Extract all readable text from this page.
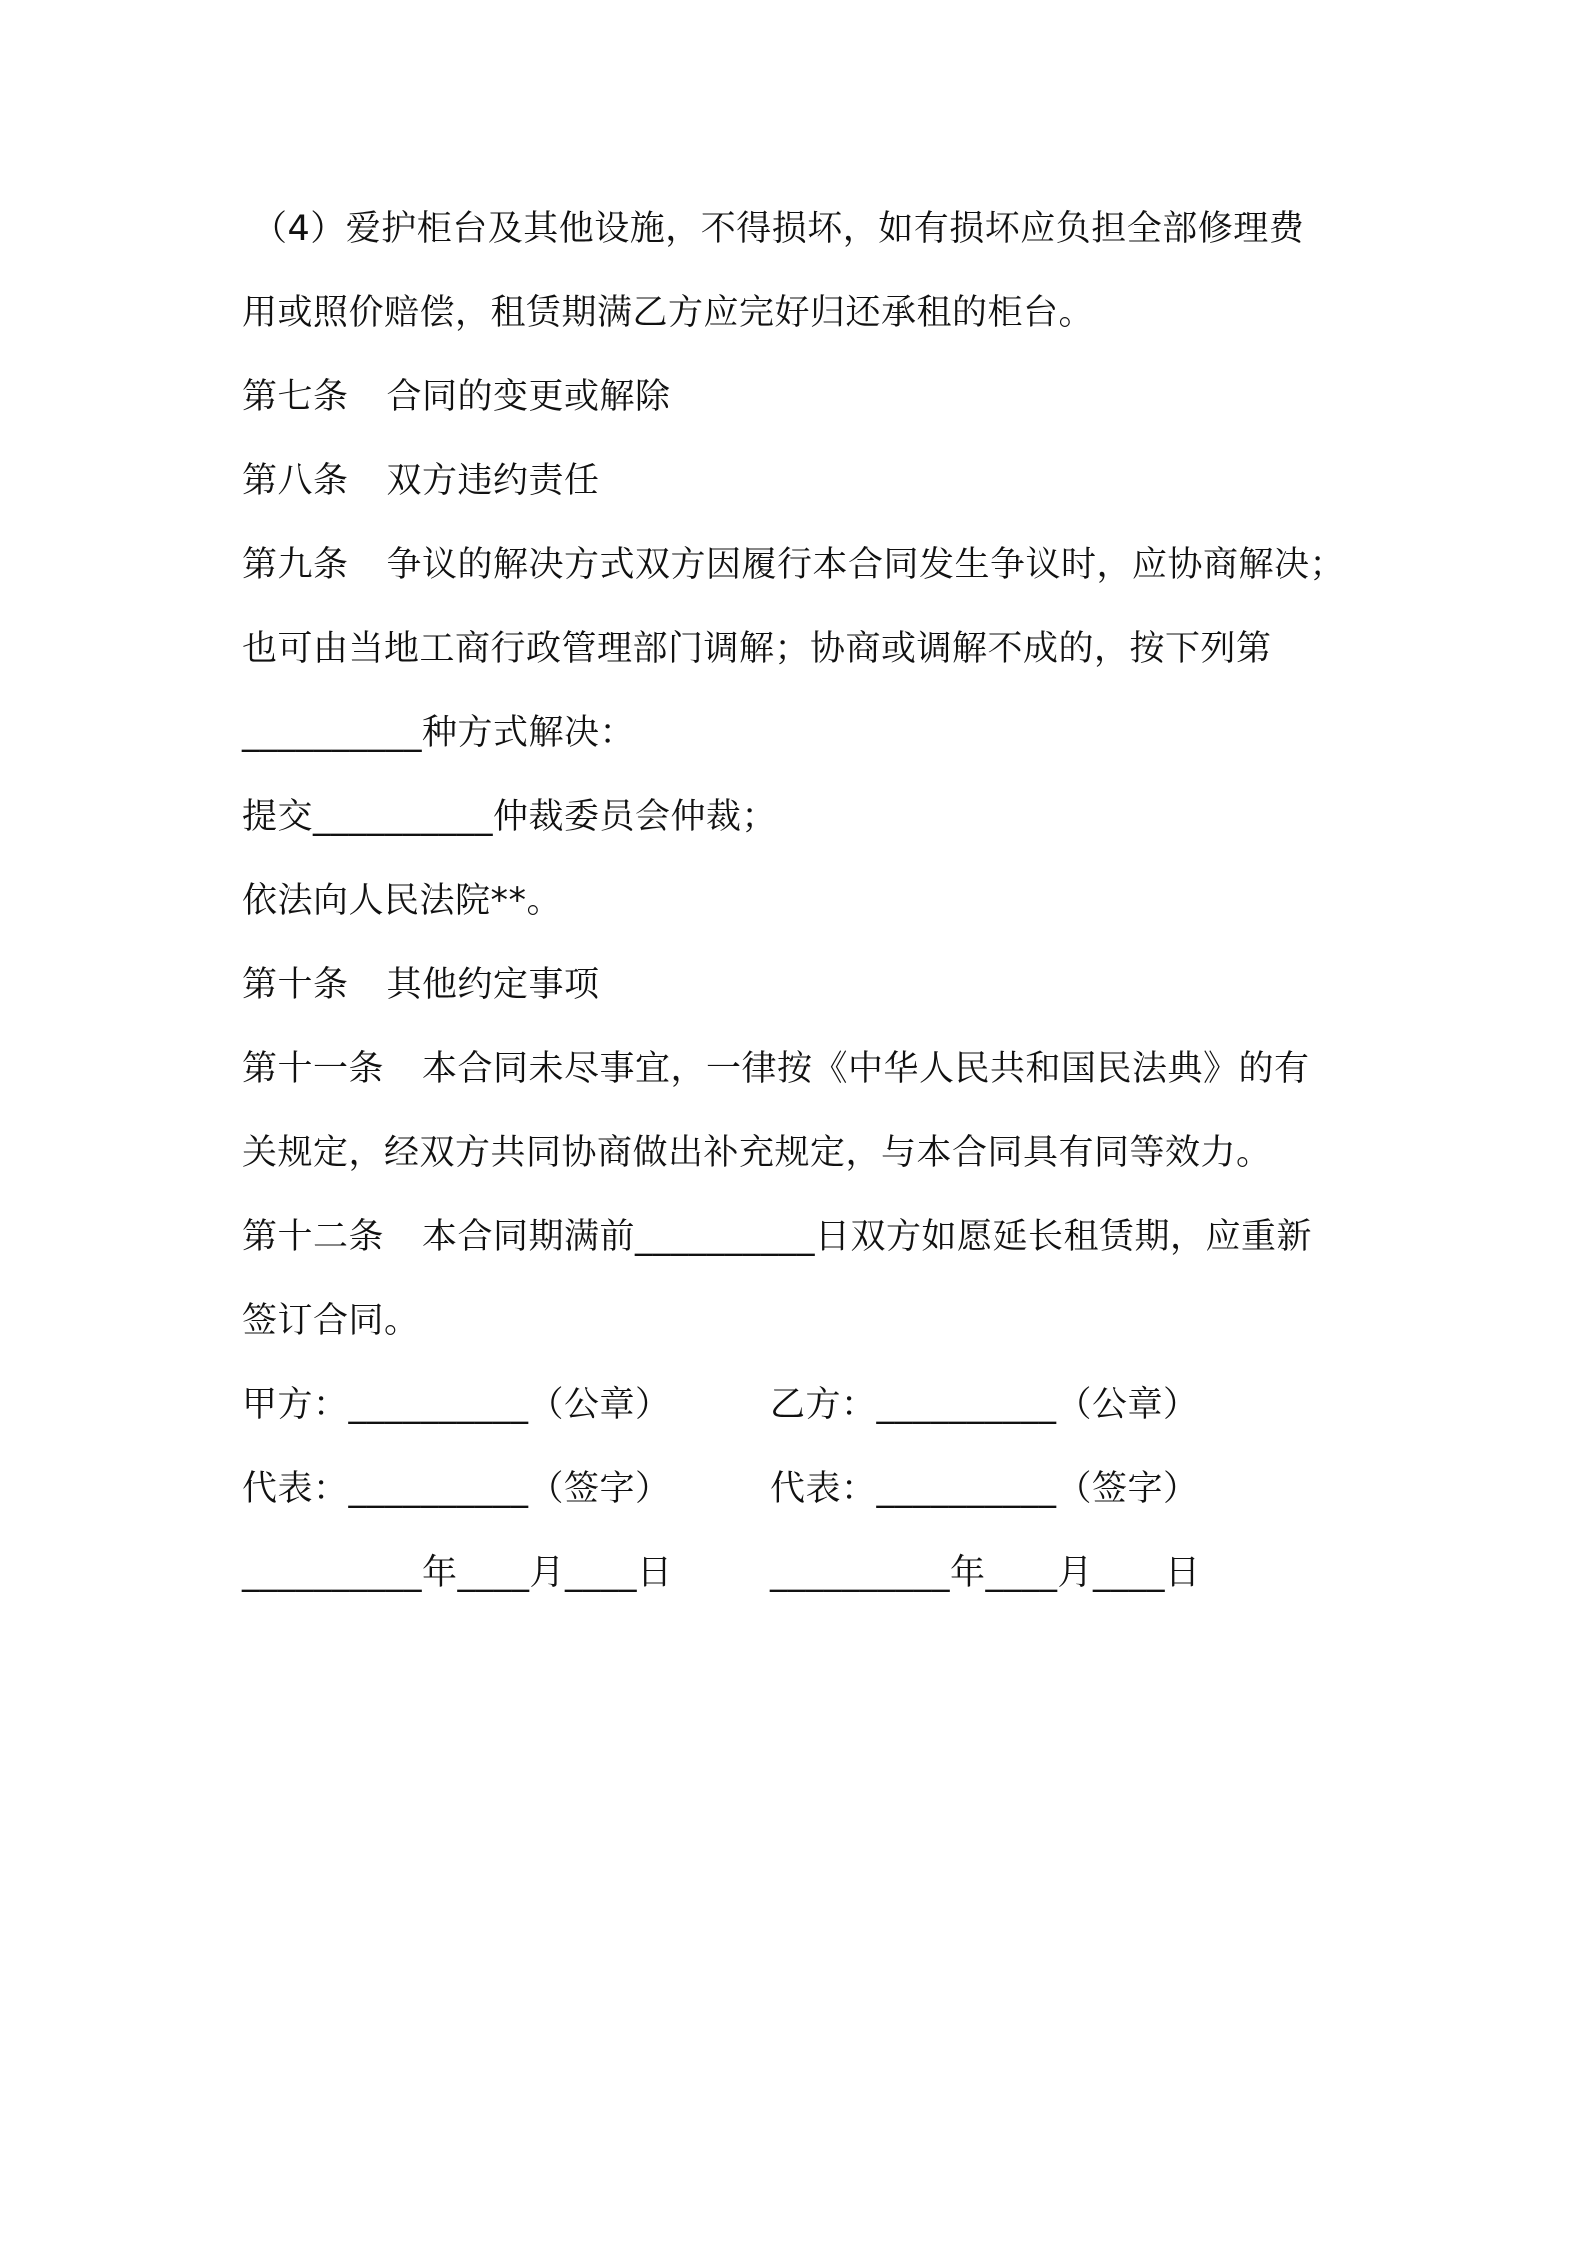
（4）爱护柜台及其他设施，不得损坏，如有损坏应负担全部修理费
用或照价赔偿，租赁期满乙方应完好归还承租的柜台。
第七条 合同的变更或解除
第八条 双方违约责任
第九条 争议的解决方式双方因履行本合同发生争议时，应协商解决；
也可由当地工商行政管理部门调解；协商或调解不成的，按下列第
__________种方式解决：
提交__________仲裁委员会仲裁；
依法向人民法院**。
第十条 其他约定事项
第十一条 本合同未尽事宜，一律按《中华人民共和国民法典》的有
关规定，经双方共同协商做出补充规定，与本合同具有同等效力。
第十二条 本合同期满前__________日双方如愿延长租赁期，应重新
签订合同。
甲方：__________（公章）	乙方：__________（公章）
代表：__________（签字）	代表：__________（签字）
__________年____月____日	__________年____月____日
